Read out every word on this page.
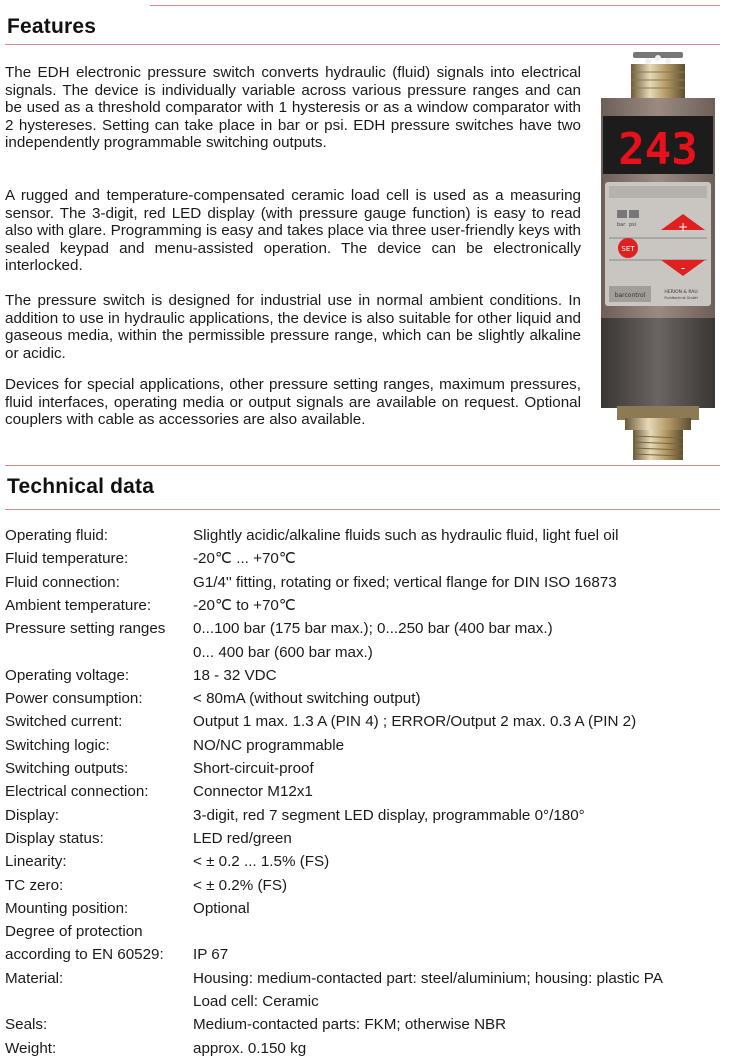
Features

The EDH electronic pressure switch converts hydraulic (fluid) signals into electrical signals. The device is individually variable across various pressure ranges and can be used as a threshold comparator with 1 hysteresis or as a window comparator with 2 hystereses. Setting can take place in bar or psi. EDH pressure switches have two independently programmable switching outputs.

A rugged and temperature-compensated ceramic load cell is used as a measuring sensor. The 3-digit, red LED display (with pressure gauge function) is easy to read also with glare. Programming is easy and takes place via three user-friendly keys with sealed keypad and menu-assisted operation. The device can be electronically interlocked.

The pressure switch is designed for industrial use in normal ambient conditions. In addition to use in hydraulic applications, the device is also suitable for other liquid and gaseous media, within the permissible pressure range, which can be slightly alkaline or acidic.

Devices for special applications, other pressure setting ranges, maximum pressures, fluid interfaces, operating media or output signals are available on request. Optional couplers with cable as accessories are also available.

243
bar psi	+
SET
-
barcontrol	HERION & RAU
Fluidtechnik GmbH
Technical data
Operating fluid:	Slightly acidic/alkaline fluids such as hydraulic fluid, light fuel oil
Fluid temperature:	-20℃ ... +70℃
Fluid connection:	G1/4'' fitting, rotating or fixed; vertical flange for DIN ISO 16873
Ambient temperature:	-20℃ to +70℃
Pressure setting ranges 0...100 bar (175 bar max.); 0...250 bar (400 bar max.)
0... 400 bar (600 bar max.)
Operating voltage:	18 - 32 VDC
Power consumption:	< 80mA (without switching output)
Switched current:	Output 1 max. 1.3 A (PIN 4) ; ERROR/Output 2 max. 0.3 A (PIN 2)
Switching logic:	NO/NC programmable
Switching outputs:	Short-circuit-proof
Electrical connection:	Connector M12x1
Display:	3-digit, red 7 segment LED display, programmable 0°/180°
Display status:	LED red/green
Linearity:	< ± 0.2 ... 1.5% (FS)
TC zero:	< ± 0.2% (FS)
Mounting position:	Optional
Degree of protection
according to EN 60529: IP 67
Material:	Housing: medium-contacted part: steel/aluminium; housing: plastic PA
Load cell: Ceramic
Seals:	Medium-contacted parts: FKM; otherwise NBR
Weight:	approx. 0.150 kg
